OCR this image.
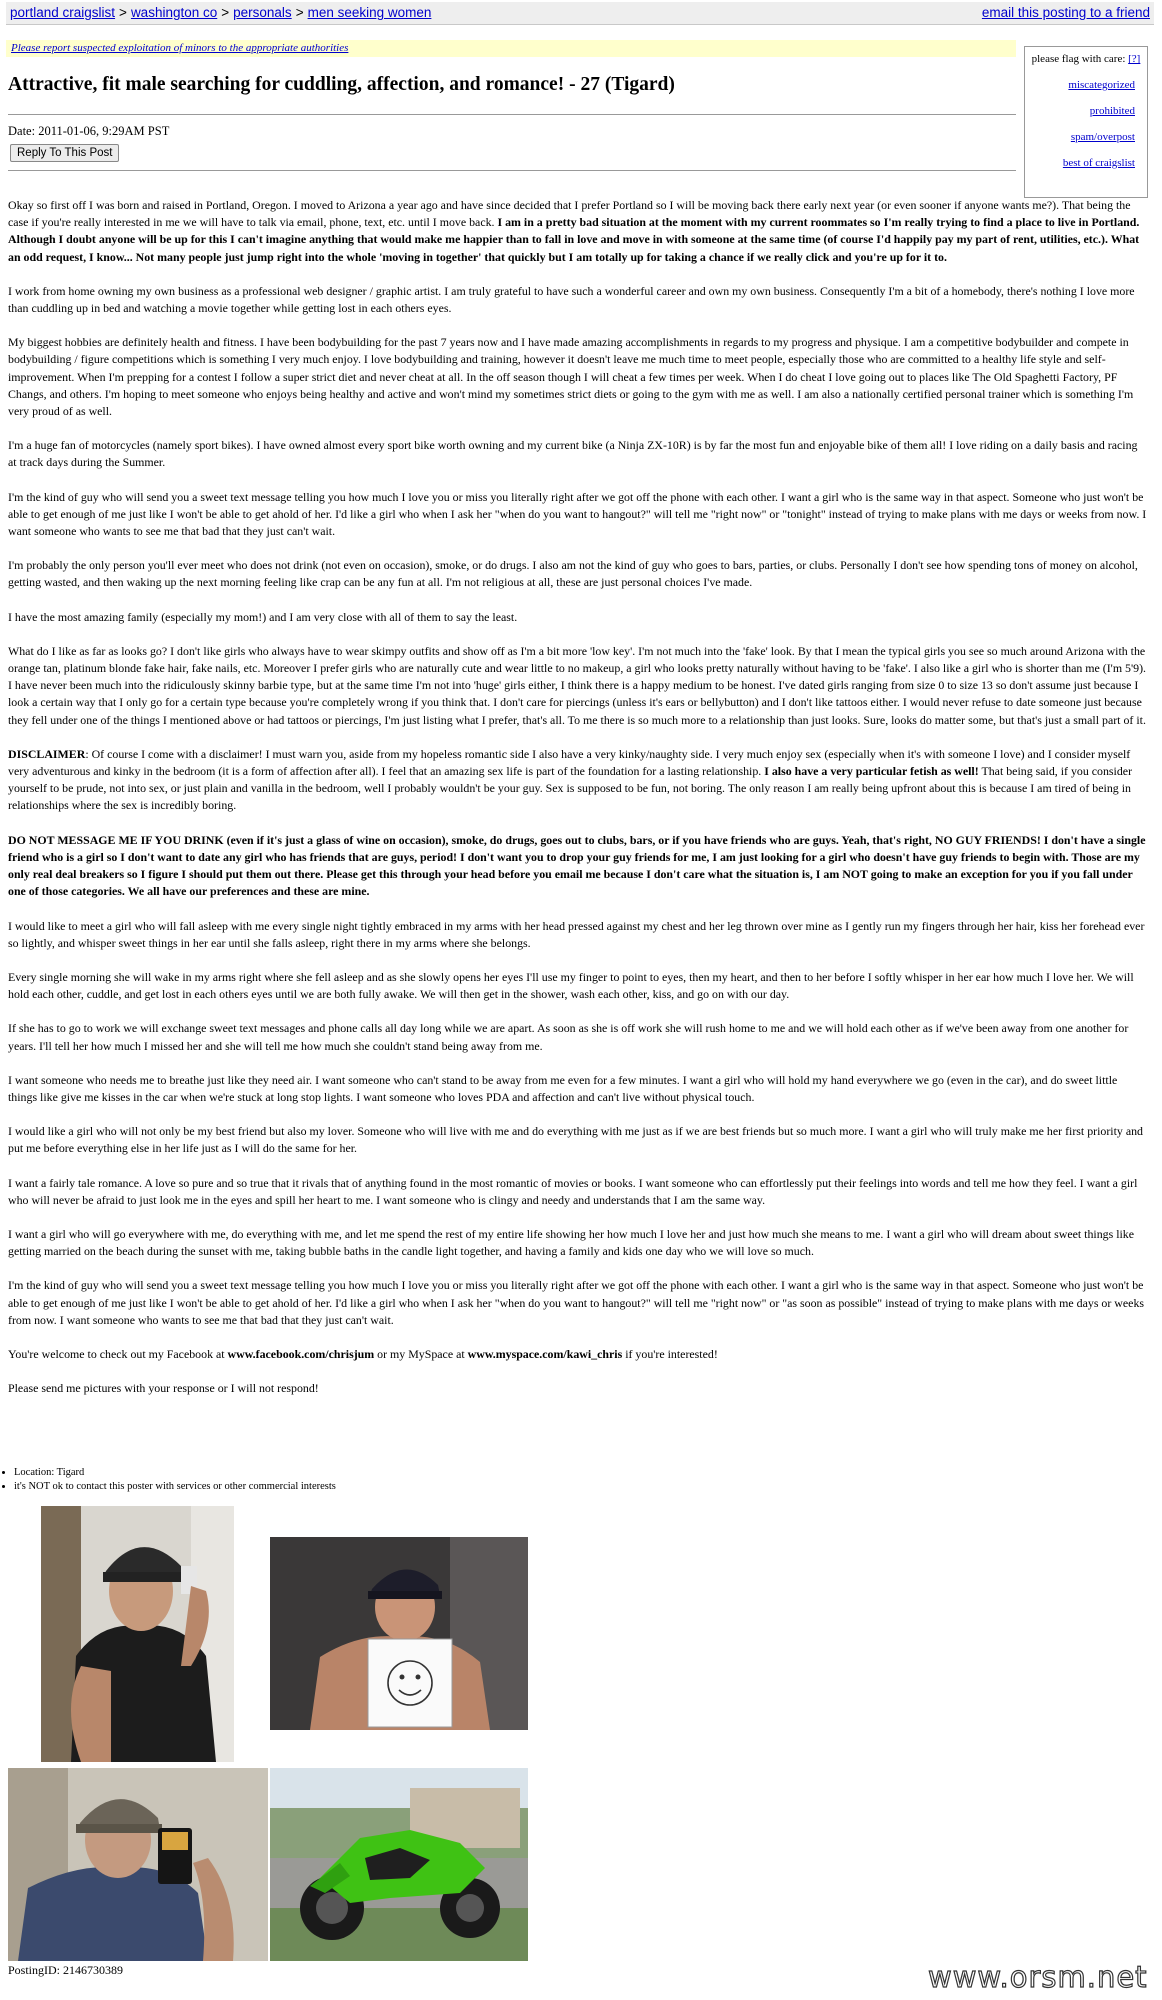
portland craigslist > washington co > personals > men seeking women	email this posting to a friend
Please report suspected exploitation of minors to the appropriate authorities
please flag with care: [?]
miscategorized
prohibited
spam/overpost
best of craigslist
Attractive, fit male searching for cuddling, affection, and romance! - 27 (Tigard)
Date: 2011-01-06, 9:29AM PST
Reply To This Post

Okay so first off I was born and raised in Portland, Oregon. I moved to Arizona a year ago and have since decided that I prefer Portland so I will be moving back there early next year (or even sooner if anyone wants me?). That being the case if you're really interested in me we will have to talk via email, phone, text, etc. until I move back. I am in a pretty bad situation at the moment with my current roommates so I'm really trying to find a place to live in Portland. Although I doubt anyone will be up for this I can't imagine anything that would make me happier than to fall in love and move in with someone at the same time (of course I'd happily pay my part of rent, utilities, etc.). What an odd request, I know... Not many people just jump right into the whole 'moving in together' that quickly but I am totally up for taking a chance if we really click and you're up for it to.

I work from home owning my own business as a professional web designer / graphic artist. I am truly grateful to have such a wonderful career and own my own business. Consequently I'm a bit of a homebody, there's nothing I love more than cuddling up in bed and watching a movie together while getting lost in each others eyes.

My biggest hobbies are definitely health and fitness. I have been bodybuilding for the past 7 years now and I have made amazing accomplishments in regards to my progress and physique. I am a competitive bodybuilder and compete in bodybuilding / figure competitions which is something I very much enjoy. I love bodybuilding and training, however it doesn't leave me much time to meet people, especially those who are committed to a healthy life style and self-improvement. When I'm prepping for a contest I follow a super strict diet and never cheat at all. In the off season though I will cheat a few times per week. When I do cheat I love going out to places like The Old Spaghetti Factory, PF Changs, and others. I'm hoping to meet someone who enjoys being healthy and active and won't mind my sometimes strict diets or going to the gym with me as well. I am also a nationally certified personal trainer which is something I'm very proud of as well.

I'm a huge fan of motorcycles (namely sport bikes). I have owned almost every sport bike worth owning and my current bike (a Ninja ZX-10R) is by far the most fun and enjoyable bike of them all! I love riding on a daily basis and racing at track days during the Summer.

I'm the kind of guy who will send you a sweet text message telling you how much I love you or miss you literally right after we got off the phone with each other. I want a girl who is the same way in that aspect. Someone who just won't be able to get enough of me just like I won't be able to get ahold of her. I'd like a girl who when I ask her "when do you want to hangout?" will tell me "right now" or "tonight" instead of trying to make plans with me days or weeks from now. I want someone who wants to see me that bad that they just can't wait.

I'm probably the only person you'll ever meet who does not drink (not even on occasion), smoke, or do drugs. I also am not the kind of guy who goes to bars, parties, or clubs. Personally I don't see how spending tons of money on alcohol, getting wasted, and then waking up the next morning feeling like crap can be any fun at all. I'm not religious at all, these are just personal choices I've made.

I have the most amazing family (especially my mom!) and I am very close with all of them to say the least.

What do I like as far as looks go? I don't like girls who always have to wear skimpy outfits and show off as I'm a bit more 'low key'. I'm not much into the 'fake' look. By that I mean the typical girls you see so much around Arizona with the orange tan, platinum blonde fake hair, fake nails, etc. Moreover I prefer girls who are naturally cute and wear little to no makeup, a girl who looks pretty naturally without having to be 'fake'. I also like a girl who is shorter than me (I'm 5'9). I have never been much into the ridiculously skinny barbie type, but at the same time I'm not into 'huge' girls either, I think there is a happy medium to be honest. I've dated girls ranging from size 0 to size 13 so don't assume just because I look a certain way that I only go for a certain type because you're completely wrong if you think that. I don't care for piercings (unless it's ears or bellybutton) and I don't like tattoos either. I would never refuse to date someone just because they fell under one of the things I mentioned above or had tattoos or piercings, I'm just listing what I prefer, that's all. To me there is so much more to a relationship than just looks. Sure, looks do matter some, but that's just a small part of it.

DISCLAIMER: Of course I come with a disclaimer! I must warn you, aside from my hopeless romantic side I also have a very kinky/naughty side. I very much enjoy sex (especially when it's with someone I love) and I consider myself very adventurous and kinky in the bedroom (it is a form of affection after all). I feel that an amazing sex life is part of the foundation for a lasting relationship. I also have a very particular fetish as well! That being said, if you consider yourself to be prude, not into sex, or just plain and vanilla in the bedroom, well I probably wouldn't be your guy. Sex is supposed to be fun, not boring. The only reason I am really being upfront about this is because I am tired of being in relationships where the sex is incredibly boring.

DO NOT MESSAGE ME IF YOU DRINK (even if it's just a glass of wine on occasion), smoke, do drugs, goes out to clubs, bars, or if you have friends who are guys. Yeah, that's right, NO GUY FRIENDS! I don't have a single friend who is a girl so I don't want to date any girl who has friends that are guys, period! I don't want you to drop your guy friends for me, I am just looking for a girl who doesn't have guy friends to begin with. Those are my only real deal breakers so I figure I should put them out there. Please get this through your head before you email me because I don't care what the situation is, I am NOT going to make an exception for you if you fall under one of those categories. We all have our preferences and these are mine.

I would like to meet a girl who will fall asleep with me every single night tightly embraced in my arms with her head pressed against my chest and her leg thrown over mine as I gently run my fingers through her hair, kiss her forehead ever so lightly, and whisper sweet things in her ear until she falls asleep, right there in my arms where she belongs.

Every single morning she will wake in my arms right where she fell asleep and as she slowly opens her eyes I'll use my finger to point to eyes, then my heart, and then to her before I softly whisper in her ear how much I love her. We will hold each other, cuddle, and get lost in each others eyes until we are both fully awake. We will then get in the shower, wash each other, kiss, and go on with our day.

If she has to go to work we will exchange sweet text messages and phone calls all day long while we are apart. As soon as she is off work she will rush home to me and we will hold each other as if we've been away from one another for years. I'll tell her how much I missed her and she will tell me how much she couldn't stand being away from me.

I want someone who needs me to breathe just like they need air. I want someone who can't stand to be away from me even for a few minutes. I want a girl who will hold my hand everywhere we go (even in the car), and do sweet little things like give me kisses in the car when we're stuck at long stop lights. I want someone who loves PDA and affection and can't live without physical touch.

I would like a girl who will not only be my best friend but also my lover. Someone who will live with me and do everything with me just as if we are best friends but so much more. I want a girl who will truly make me her first priority and put me before everything else in her life just as I will do the same for her.

I want a fairly tale romance. A love so pure and so true that it rivals that of anything found in the most romantic of movies or books. I want someone who can effortlessly put their feelings into words and tell me how they feel. I want a girl who will never be afraid to just look me in the eyes and spill her heart to me. I want someone who is clingy and needy and understands that I am the same way.

I want a girl who will go everywhere with me, do everything with me, and let me spend the rest of my entire life showing her how much I love her and just how much she means to me. I want a girl who will dream about sweet things like getting married on the beach during the sunset with me, taking bubble baths in the candle light together, and having a family and kids one day who we will love so much.

I'm the kind of guy who will send you a sweet text message telling you how much I love you or miss you literally right after we got off the phone with each other. I want a girl who is the same way in that aspect. Someone who just won't be able to get enough of me just like I won't be able to get ahold of her. I'd like a girl who when I ask her "when do you want to hangout?" will tell me "right now" or "as soon as possible" instead of trying to make plans with me days or weeks from now. I want someone who wants to see me that bad that they just can't wait.

You're welcome to check out my Facebook at www.facebook.com/chrisjum or my MySpace at www.myspace.com/kawi_chris if you're interested!

Please send me pictures with your response or I will not respond!

• Location: Tigard
• it's NOT ok to contact this poster with services or other commercial interests
PostingID: 2146730389	www.orsm.net
